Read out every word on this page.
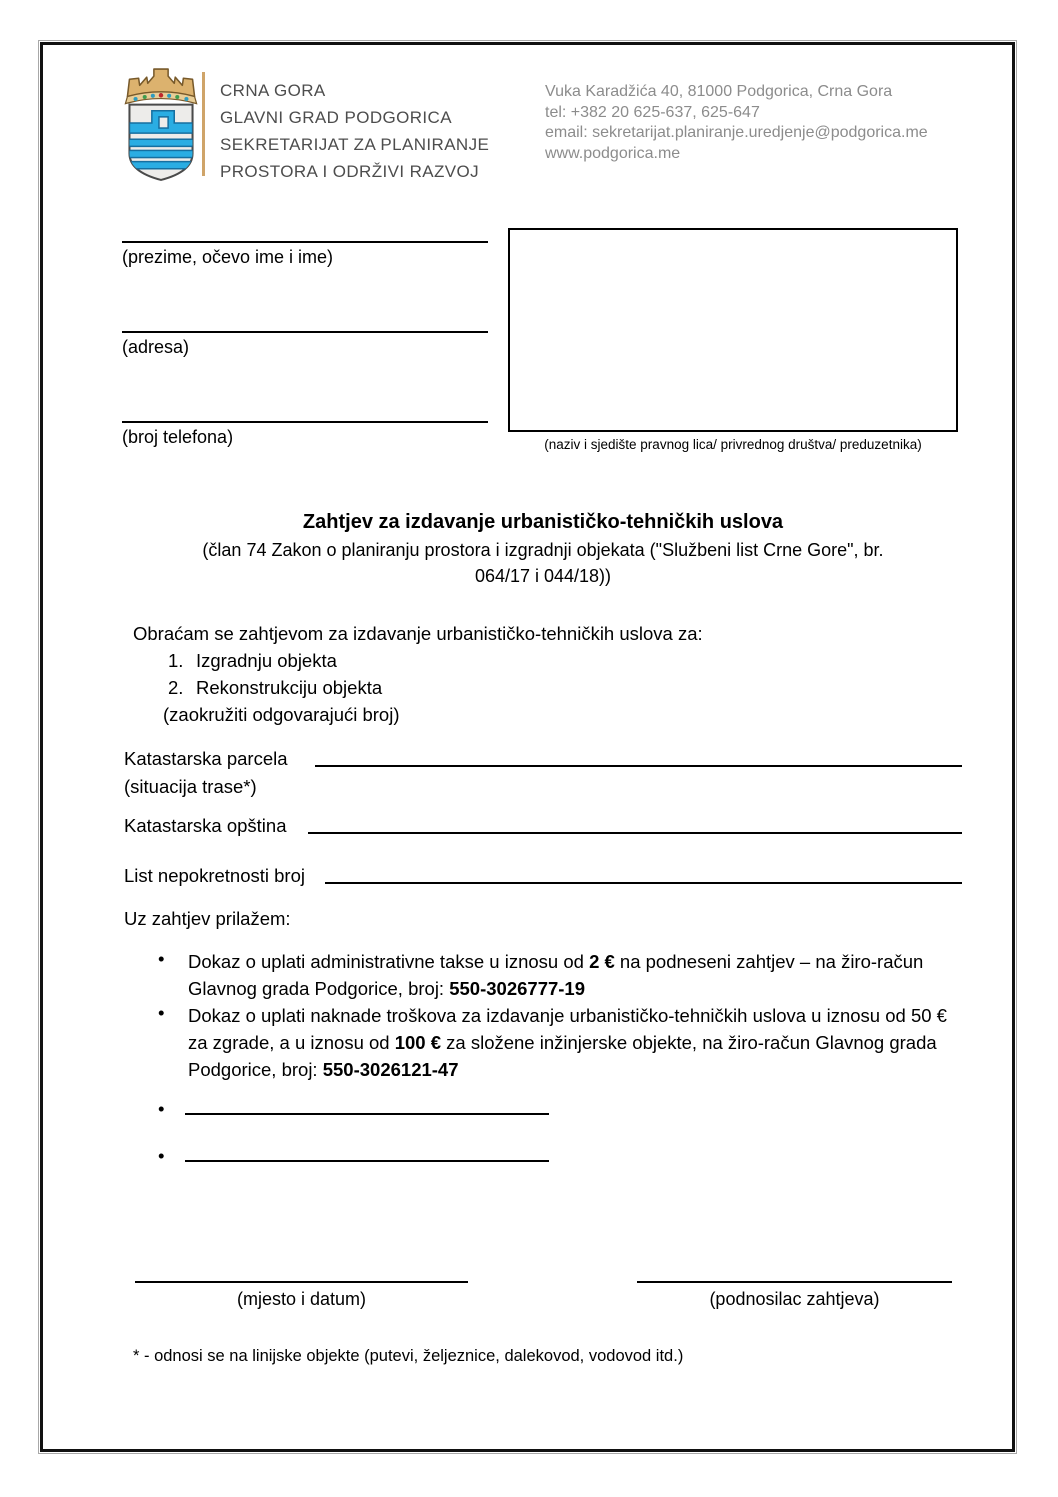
CRNA GORA
GLAVNI GRAD PODGORICA
SEKRETARIJAT ZA PLANIRANJE
PROSTORA I ODRŽIVI RAZVOJ
Vuka Karadžića 40, 81000 Podgorica, Crna Gora
tel: +382 20 625-637, 625-647
email: sekretarijat.planiranje.uredjenje@podgorica.me
www.podgorica.me
(prezime, očevo ime i ime)
(adresa)
(broj telefona)	(naziv i sjedište pravnog lica/ privrednog društva/ preduzetnika)
Zahtjev za izdavanje urbanističko-tehničkih uslova
(član 74 Zakon o planiranju prostora i izgradnji objekata ("Službeni list Crne Gore", br.
064/17 i 044/18))
Obraćam se zahtjevom za izdavanje urbanističko-tehničkih uslova za:
1. Izgradnju objekta
2. Rekonstrukciju objekta
(zaokružiti odgovarajući broj)
Katastarska parcela
(situacija trase*)
Katastarska opština
List nepokretnosti broj
Uz zahtjev prilažem:
• Dokaz o uplati administrativne takse u iznosu od 2 € na podneseni zahtjev – na žiro-račun Glavnog grada Podgorice, broj: 550-3026777-19
• Dokaz o uplati naknade troškova za izdavanje urbanističko-tehničkih uslova u iznosu od 50 € za zgrade, a u iznosu od 100 € za složene inžinjerske objekte, na žiro-račun Glavnog grada Podgorice, broj: 550-3026121-47
•
•
(mjesto i datum)	(podnosilac zahtjeva)
* - odnosi se na linijske objekte (putevi, željeznice, dalekovod, vodovod itd.)
